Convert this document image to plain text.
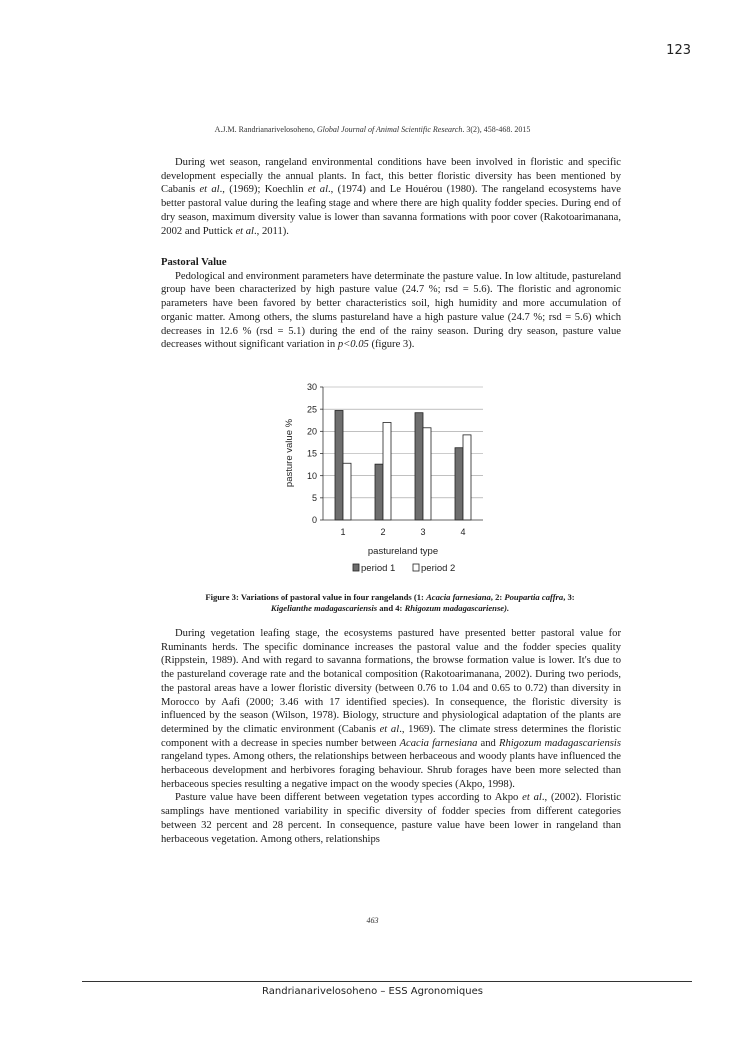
123
A.J.M. Randrianarivelosoheno, Global Journal of Animal Scientific Research. 3(2), 458-468. 2015

During wet season, rangeland environmental conditions have been involved in floristic and specific development especially the annual plants. In fact, this better floristic diversity has been mentioned by Cabanis et al., (1969); Koechlin et al., (1974) and Le Houérou (1980). The rangeland ecosystems have better pastoral value during the leafing stage and where there are high quality fodder species. During end of dry season, maximum diversity value is lower than savanna formations with poor cover (Rakotoarimanana, 2002 and Puttick et al., 2011).

Pastoral Value

Pedological and environment parameters have determinate the pasture value. In low altitude, pastureland group have been characterized by high pasture value (24.7 %; rsd = 5.6). The floristic and agronomic parameters have been favored by better characteristics soil, high humidity and more accumulation of organic matter. Among others, the slums pastureland have a high pasture value (24.7 %; rsd = 5.6) which decreases in 12.6 % (rsd = 5.1) during the end of the rainy season. During dry season, pasture value decreases without significant variation in p<0.05 (figure 3).

0
5
10
15
20
25
30
1	2	3	4
pastureland type
pasture value %
period 1	period 2
Figure 3: Variations of pastoral value in four rangelands (1: Acacia farnesiana, 2: Poupartia caffra, 3:
Kigelianthe madagascariensis and 4: Rhigozum madagascariense).

During vegetation leafing stage, the ecosystems pastured have presented better pastoral value for Ruminants herds. The specific dominance increases the pastoral value and the fodder species quality (Rippstein, 1989). And with regard to savanna formations, the browse formation value is lower. It's due to the pastureland coverage rate and the botanical composition (Rakotoarimanana, 2002). During two periods, the pastoral areas have a lower floristic diversity (between 0.76 to 1.04 and 0.65 to 0.72) than diversity in Morocco by Aafi (2000; 3.46 with 17 identified species). In consequence, the floristic diversity is influenced by the season (Wilson, 1978). Biology, structure and physiological adaptation of the plants are determined by the climatic environment (Cabanis et al., 1969). The climate stress determines the floristic component with a decrease in species number between Acacia farnesiana and Rhigozum madagascariensis rangeland types. Among others, the relationships between herbaceous and woody plants have influenced the herbaceous development and herbivores foraging behaviour. Shrub forages have been more selected than herbaceous species resulting a negative impact on the woody species (Akpo, 1998).

Pasture value have been different between vegetation types according to Akpo et al., (2002). Floristic samplings have mentioned variability in specific diversity of fodder species from different categories between 32 percent and 28 percent. In consequence, pasture value have been lower in rangeland than herbaceous vegetation. Among others, relationships

463
Randrianarivelosoheno – ESS Agronomiques
